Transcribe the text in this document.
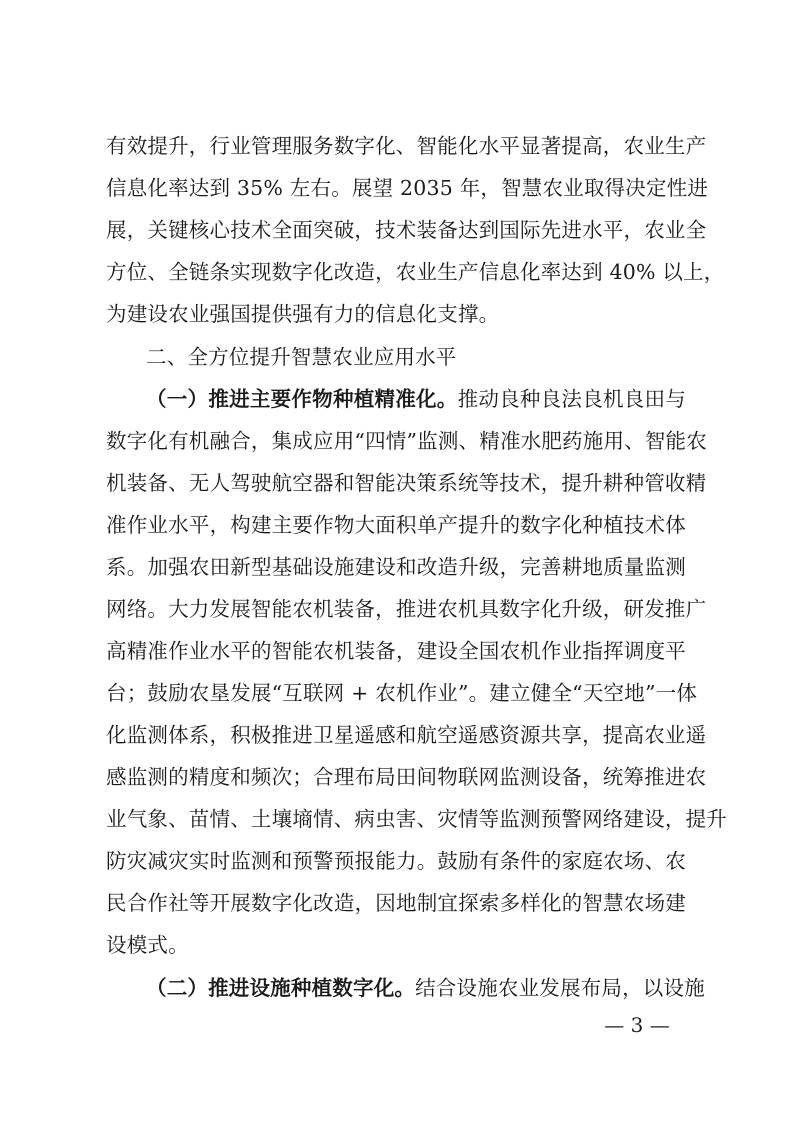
有效提升，行业管理服务数字化、智能化水平显著提高，农业生产
信息化率达到 35% 左右。展望 2035 年，智慧农业取得决定性进
展，关键核心技术全面突破，技术装备达到国际先进水平，农业全
方位、全链条实现数字化改造，农业生产信息化率达到 40% 以上，
为建设农业强国提供强有力的信息化支撑。
二、全方位提升智慧农业应用水平
（一）推进主要作物种植精准化。推动良种良法良机良田与
数字化有机融合，集成应用“四情”监测、精准水肥药施用、智能农
机装备、无人驾驶航空器和智能决策系统等技术，提升耕种管收精
准作业水平，构建主要作物大面积单产提升的数字化种植技术体
系。加强农田新型基础设施建设和改造升级，完善耕地质量监测
网络。大力发展智能农机装备，推进农机具数字化升级，研发推广
高精准作业水平的智能农机装备，建设全国农机作业指挥调度平
台；鼓励农垦发展“互联网 + 农机作业”。建立健全“天空地”一体
化监测体系，积极推进卫星遥感和航空遥感资源共享，提高农业遥
感监测的精度和频次；合理布局田间物联网监测设备，统筹推进农
业气象、苗情、土壤墒情、病虫害、灾情等监测预警网络建设，提升
防灾减灾实时监测和预警预报能力。鼓励有条件的家庭农场、农
民合作社等开展数字化改造，因地制宜探索多样化的智慧农场建
设模式。
（二）推进设施种植数字化。结合设施农业发展布局，以设施
— 3 —
